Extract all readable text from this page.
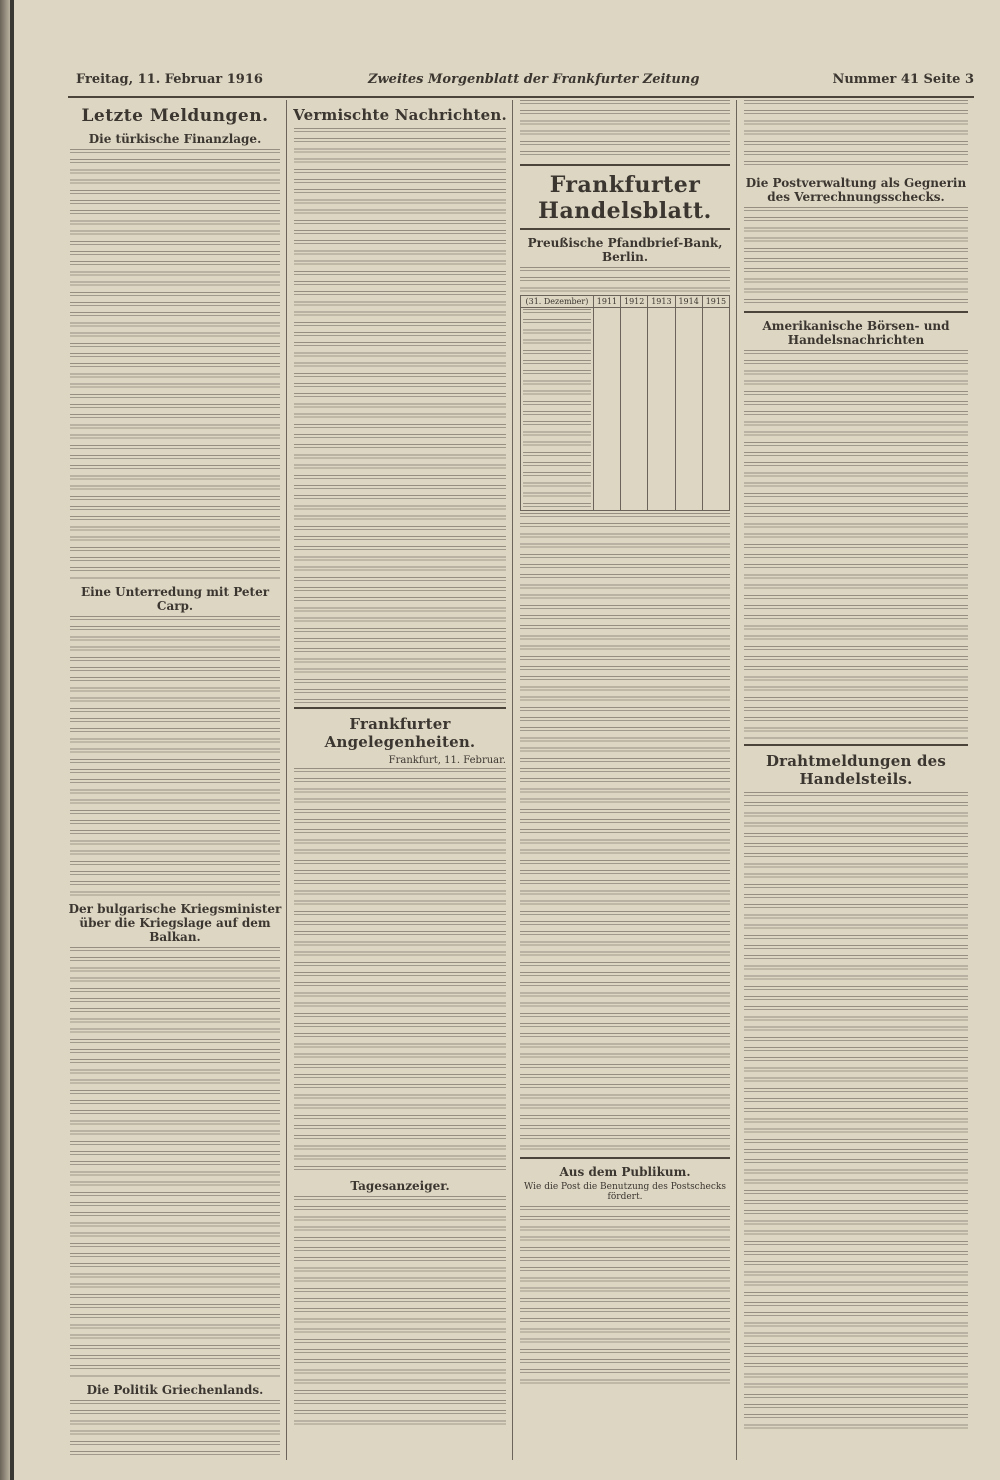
Freitag, 11. Februar 1916	Zweites Morgenblatt der Frankfurter Zeitung	Nummer 41 Seite 3
Letzte Meldungen.
Die türkische Finanzlage.
Eine Unterredung mit Peter Carp.
Der bulgarische Kriegsminister über die Kriegslage auf dem Balkan.
Die Politik Griechenlands.
Vermischte Nachrichten.
Frankfurter Angelegenheiten.
Frankfurt, 11. Februar.
Tagesanzeiger.
Frankfurter Handelsblatt.
Preußische Pfandbrief-Bank, Berlin.
(31. Dezember)	1911	1912	1913	1914	1915

Aus dem Publikum.
Wie die Post die Benutzung des Postschecks fördert.
Die Postverwaltung als Gegnerin des Verrechnungsschecks.
Amerikanische Börsen- und Handelsnachrichten
Drahtmeldungen des Handelsteils.
